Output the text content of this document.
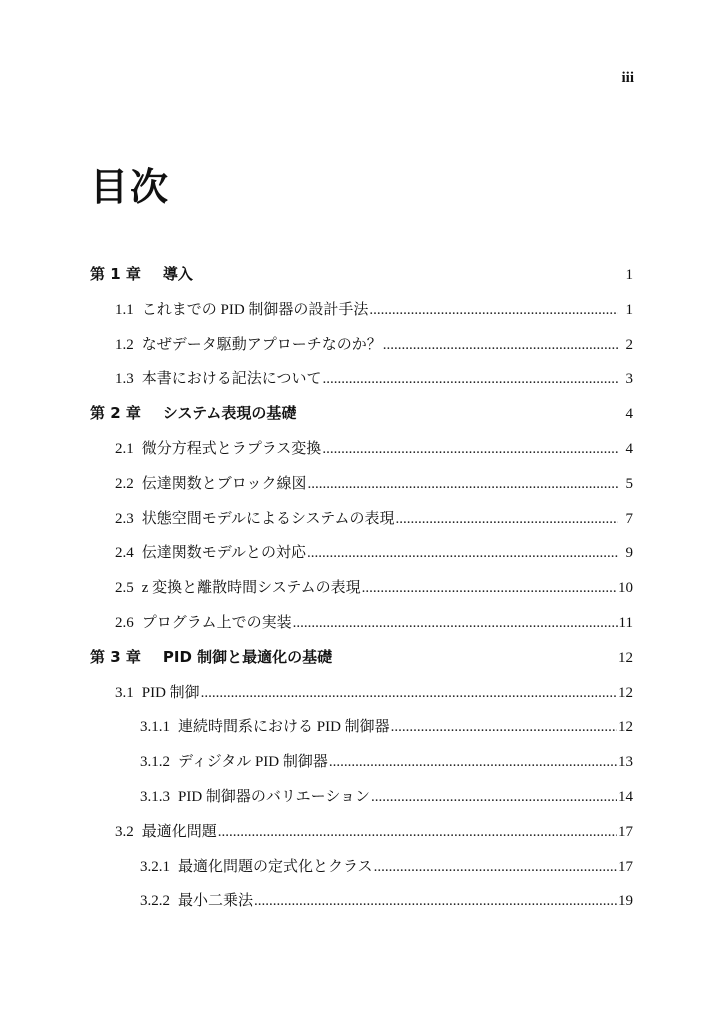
iii
目次
第 1 章 導入	1
1.1 これまでの PID 制御器の設計手法 .....	1
1.2 なぜデータ駆動アプローチなのか？ .....	2
1.3 本書における記法について .....	3
第 2 章 システム表現の基礎	4
2.1 微分方程式とラプラス変換 .....	4
2.2 伝達関数とブロック線図 .....	5
2.3 状態空間モデルによるシステムの表現 .....	7
2.4 伝達関数モデルとの対応 .....	9
2.5 z 変換と離散時間システムの表現 .....	10
2.6 プログラム上での実装 .....	11
第 3 章 PID 制御と最適化の基礎	12
3.1 PID 制御 .....	12
3.1.1 連続時間系における PID 制御器 .....	12
3.1.2 ディジタル PID 制御器 .....	13
3.1.3 PID 制御器のバリエーション .....	14
3.2 最適化問題 .....	17
3.2.1 最適化問題の定式化とクラス .....	17
3.2.2 最小二乗法 .....	19
